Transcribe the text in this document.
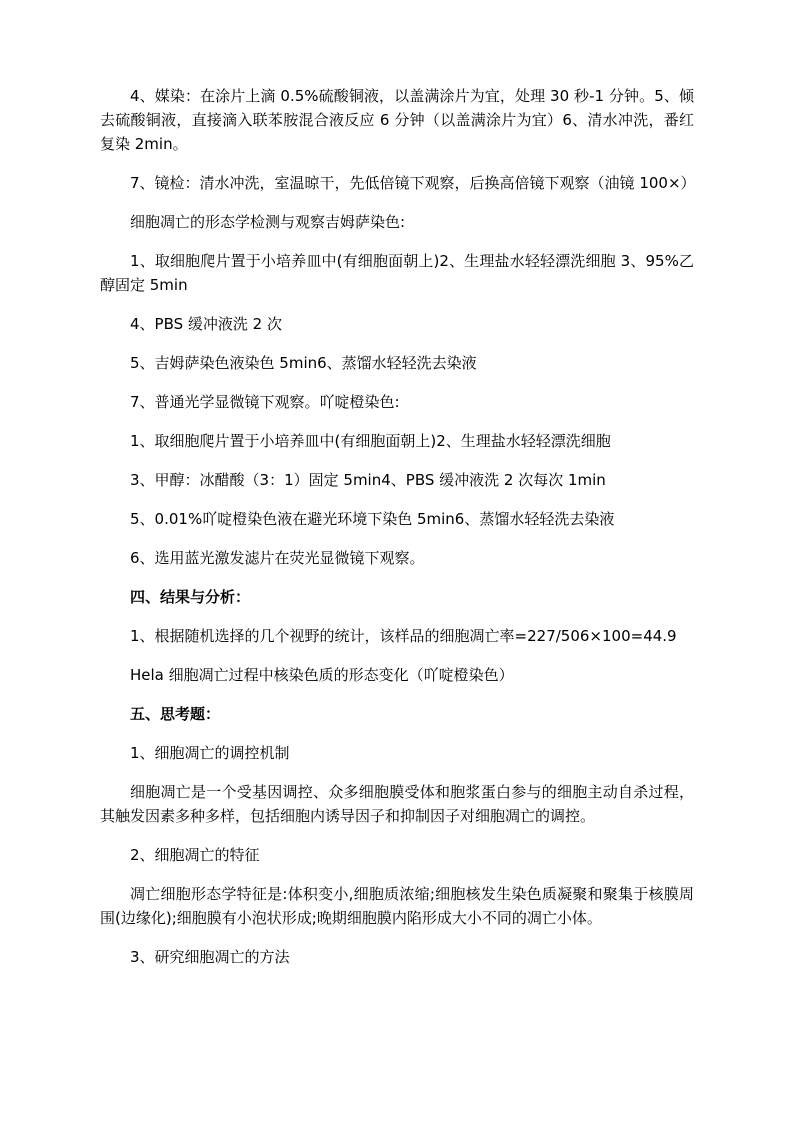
4、媒染：在涂片上滴 0.5%硫酸铜液，以盖满涂片为宜，处理 30 秒-1 分钟。5、倾去硫酸铜液，直接滴入联苯胺混合液反应 6 分钟（以盖满涂片为宜）6、清水冲洗，番红复染 2min。

7、镜检：清水冲洗，室温晾干，先低倍镜下观察，后换高倍镜下观察（油镜 100×）

细胞凋亡的形态学检测与观察吉姆萨染色:

1、取细胞爬片置于小培养皿中(有细胞面朝上)2、生理盐水轻轻漂洗细胞 3、95%乙醇固定 5min

4、PBS 缓冲液洗 2 次

5、吉姆萨染色液染色 5min6、蒸馏水轻轻洗去染液

7、普通光学显微镜下观察。吖啶橙染色:

1、取细胞爬片置于小培养皿中(有细胞面朝上)2、生理盐水轻轻漂洗细胞

3、甲醇：冰醋酸（3：1）固定 5min4、PBS 缓冲液洗 2 次每次 1min

5、0.01%吖啶橙染色液在避光环境下染色 5min6、蒸馏水轻轻洗去染液

6、选用蓝光激发滤片在荧光显微镜下观察。

四、结果与分析：

1、根据随机选择的几个视野的统计，该样品的细胞凋亡率=227/506×100=44.9

Hela 细胞凋亡过程中核染色质的形态变化（吖啶橙染色）

五、思考题：

1、细胞凋亡的调控机制

细胞凋亡是一个受基因调控、众多细胞膜受体和胞浆蛋白参与的细胞主动自杀过程，其触发因素多种多样，包括细胞内诱导因子和抑制因子对细胞凋亡的调控。

2、细胞凋亡的特征

凋亡细胞形态学特征是:体积变小,细胞质浓缩;细胞核发生染色质凝聚和聚集于核膜周围(边缘化);细胞膜有小泡状形成;晚期细胞膜内陷形成大小不同的凋亡小体。

3、研究细胞凋亡的方法
